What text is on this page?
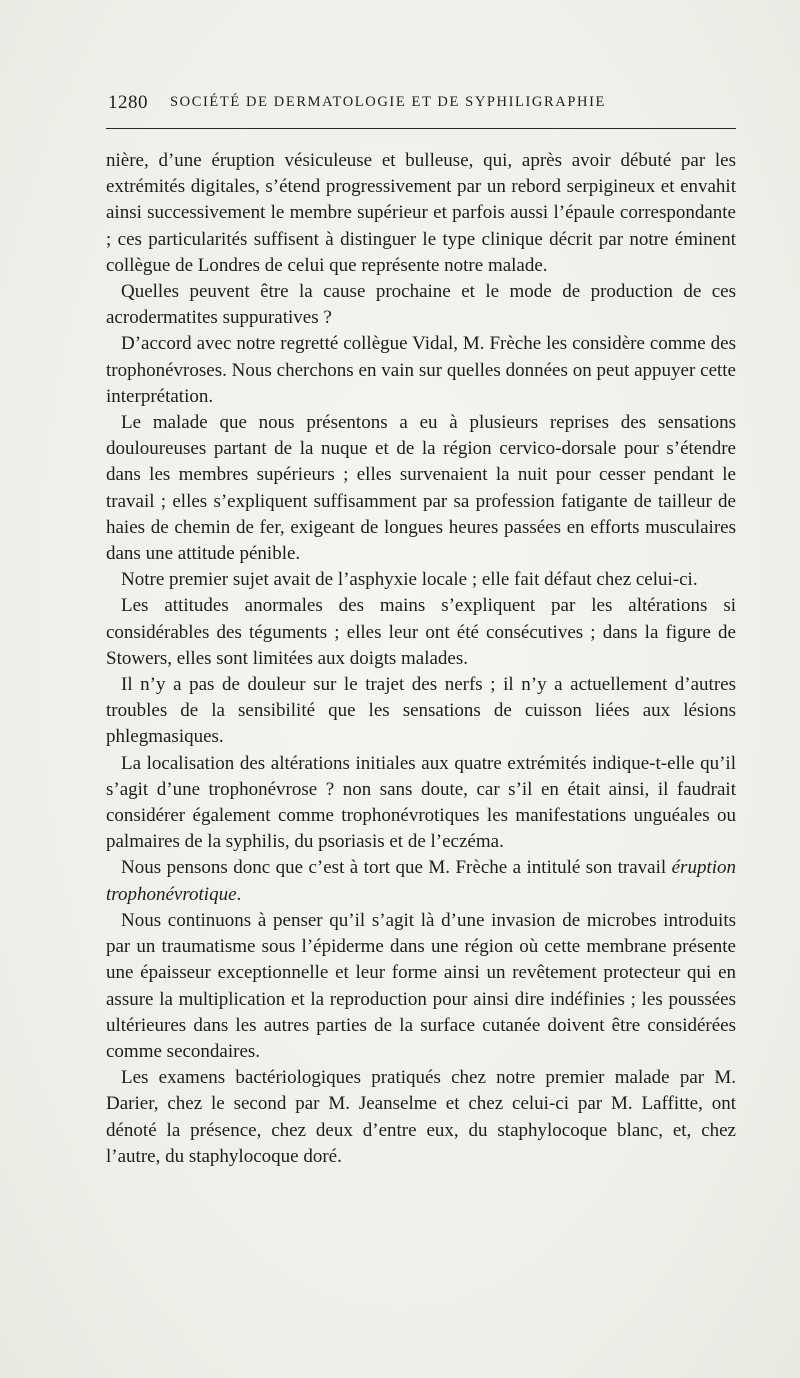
1280 SOCIÉTÉ DE DERMATOLOGIE ET DE SYPHILIGRAPHIE

nière, d’une éruption vésiculeuse et bulleuse, qui, après avoir débuté par les extrémités digitales, s’étend progressivement par un rebord serpigineux et envahit ainsi successivement le membre supérieur et parfois aussi l’épaule correspondante ; ces particularités suffisent à distinguer le type clinique décrit par notre éminent collègue de Londres de celui que représente notre malade.

Quelles peuvent être la cause prochaine et le mode de production de ces acrodermatites suppuratives ?

D’accord avec notre regretté collègue Vidal, M. Frèche les considère comme des trophonévroses. Nous cherchons en vain sur quelles données on peut appuyer cette interprétation.

Le malade que nous présentons a eu à plusieurs reprises des sensations douloureuses partant de la nuque et de la région cervico-dorsale pour s’étendre dans les membres supérieurs ; elles survenaient la nuit pour cesser pendant le travail ; elles s’expliquent suffisamment par sa profession fatigante de tailleur de haies de chemin de fer, exigeant de longues heures passées en efforts musculaires dans une attitude pénible.

Notre premier sujet avait de l’asphyxie locale ; elle fait défaut chez celui-ci.

Les attitudes anormales des mains s’expliquent par les altérations si considérables des téguments ; elles leur ont été consécutives ; dans la figure de Stowers, elles sont limitées aux doigts malades.

Il n’y a pas de douleur sur le trajet des nerfs ; il n’y a actuellement d’autres troubles de la sensibilité que les sensations de cuisson liées aux lésions phlegmasiques.

La localisation des altérations initiales aux quatre extrémités indique-t-elle qu’il s’agit d’une trophonévrose ? non sans doute, car s’il en était ainsi, il faudrait considérer également comme trophonévrotiques les manifestations unguéales ou palmaires de la syphilis, du psoriasis et de l’eczéma.

Nous pensons donc que c’est à tort que M. Frèche a intitulé son travail éruption trophonévrotique.

Nous continuons à penser qu’il s’agit là d’une invasion de microbes introduits par un traumatisme sous l’épiderme dans une région où cette membrane présente une épaisseur exceptionnelle et leur forme ainsi un revêtement protecteur qui en assure la multiplication et la reproduction pour ainsi dire indéfinies ; les poussées ultérieures dans les autres parties de la surface cutanée doivent être considérées comme secondaires.

Les examens bactériologiques pratiqués chez notre premier malade par M. Darier, chez le second par M. Jeanselme et chez celui-ci par M. Laffitte, ont dénoté la présence, chez deux d’entre eux, du staphylocoque blanc, et, chez l’autre, du staphylocoque doré.
